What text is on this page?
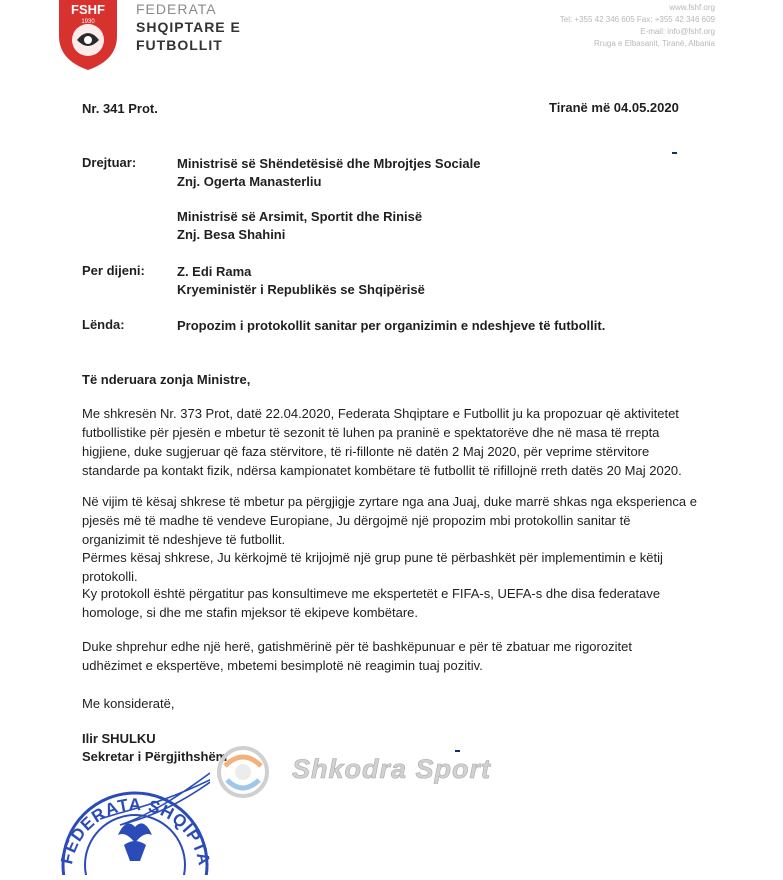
FSHF
1930
FEDERATA
SHQIPTARE E
FUTBOLLIT
www.fshf.org
Tel: +355 42 346 605 Fax: +355 42 346 609
E-mail: info@fshf.org
Rruga e Elbasanit, Tiranë, Albania
Nr. 341 Prot.	Tiranë më 04.05.2020
Drejtuar:	Ministrisë së Shëndetësisë dhe Mbrojtjes Sociale
Znj. Ogerta Manasterliu
Ministrisë së Arsimit, Sportit dhe Rinisë
Znj. Besa Shahini
Per dijeni: Z. Edi Rama
Kryeministër i Republikës se Shqipërisë
Lënda:	Propozim i protokollit sanitar per organizimin e ndeshjeve të futbollit.
Të nderuara zonja Ministre,
Me shkresën Nr. 373 Prot, datë 22.04.2020, Federata Shqiptare e Futbollit ju ka propozuar që aktivitetet
futbollistike për pjesën e mbetur të sezonit të luhen pa praninë e spektatorëve dhe në masa të rrepta
higjiene, duke sugjeruar që faza stërvitore, të ri-fillonte në datën 2 Maj 2020, për veprime stërvitore
standarde pa kontakt fizik, ndërsa kampionatet kombëtare të futbollit të rifillojnë rreth datës 20 Maj 2020.
Në vijim të kësaj shkrese të mbetur pa përgjigje zyrtare nga ana Juaj, duke marrë shkas nga eksperienca e
pjesës më të madhe të vendeve Europiane, Ju dërgojmë një propozim mbi protokollin sanitar të
organizimit të ndeshjeve të futbollit.
Përmes kësaj shkrese, Ju kërkojmë të krijojmë një grup pune të përbashkët për implementimin e këtij
protokolli.
Ky protokoll është përgatitur pas konsultimeve me ekspertetët e FIFA-s, UEFA-s dhe disa federatave
homologe, si dhe me stafin mjeksor të ekipeve kombëtare.
Duke shprehur edhe një herë, gatishmërinë për të bashkëpunuar e për të zbatuar me rigorozitet
udhëzimet e ekspertëve, mbetemi besimplotë në reagimin tuaj pozitiv.
Me konsideratë,
Ilir SHULKU
Sekretar i Përgjithshëm
EDERATA SHQIPT
Shkodra Sport
